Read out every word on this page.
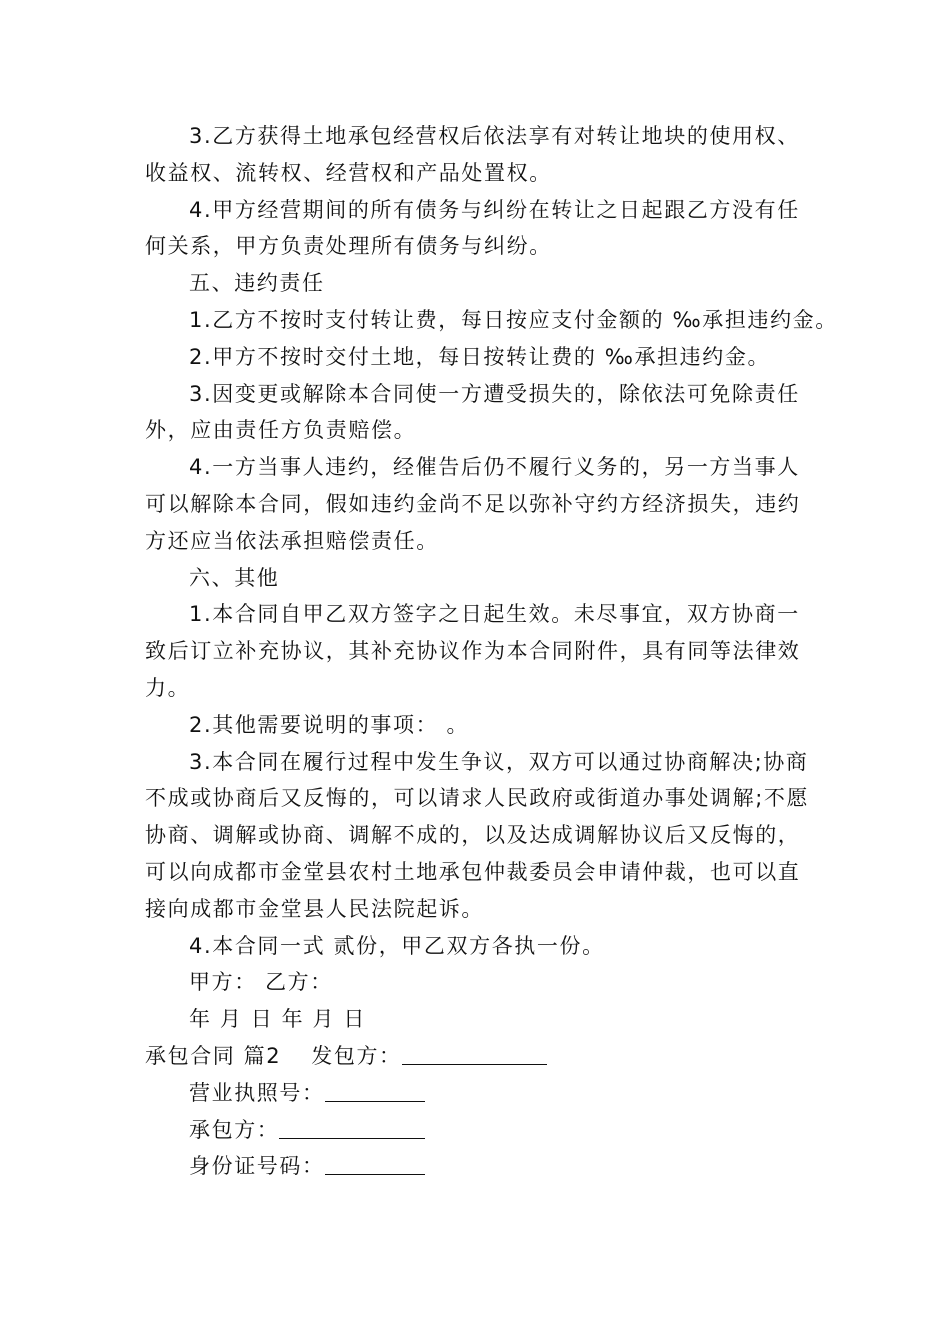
3.乙方获得土地承包经营权后依法享有对转让地块的使用权、
收益权、流转权、经营权和产品处置权。
4.甲方经营期间的所有债务与纠纷在转让之日起跟乙方没有任
何关系，甲方负责处理所有债务与纠纷。
五、违约责任
1.乙方不按时支付转让费，每日按应支付金额的 ‰承担违约金。
2.甲方不按时交付土地，每日按转让费的 ‰承担违约金。
3.因变更或解除本合同使一方遭受损失的，除依法可免除责任
外，应由责任方负责赔偿。
4.一方当事人违约，经催告后仍不履行义务的，另一方当事人
可以解除本合同，假如违约金尚不足以弥补守约方经济损失，违约
方还应当依法承担赔偿责任。
六、其他
1.本合同自甲乙双方签字之日起生效。未尽事宜，双方协商一
致后订立补充协议，其补充协议作为本合同附件，具有同等法律效
力。
2.其他需要说明的事项： 。
3.本合同在履行过程中发生争议，双方可以通过协商解决;协商
不成或协商后又反悔的，可以请求人民政府或街道办事处调解;不愿
协商、调解或协商、调解不成的，以及达成调解协议后又反悔的，
可以向成都市金堂县农村土地承包仲裁委员会申请仲裁，也可以直
接向成都市金堂县人民法院起诉。
4.本合同一式 贰份，甲乙双方各执一份。
甲方： 乙方：
年 月 日 年 月 日
承包合同 篇2 发包方：
营业执照号：
承包方：
身份证号码：
